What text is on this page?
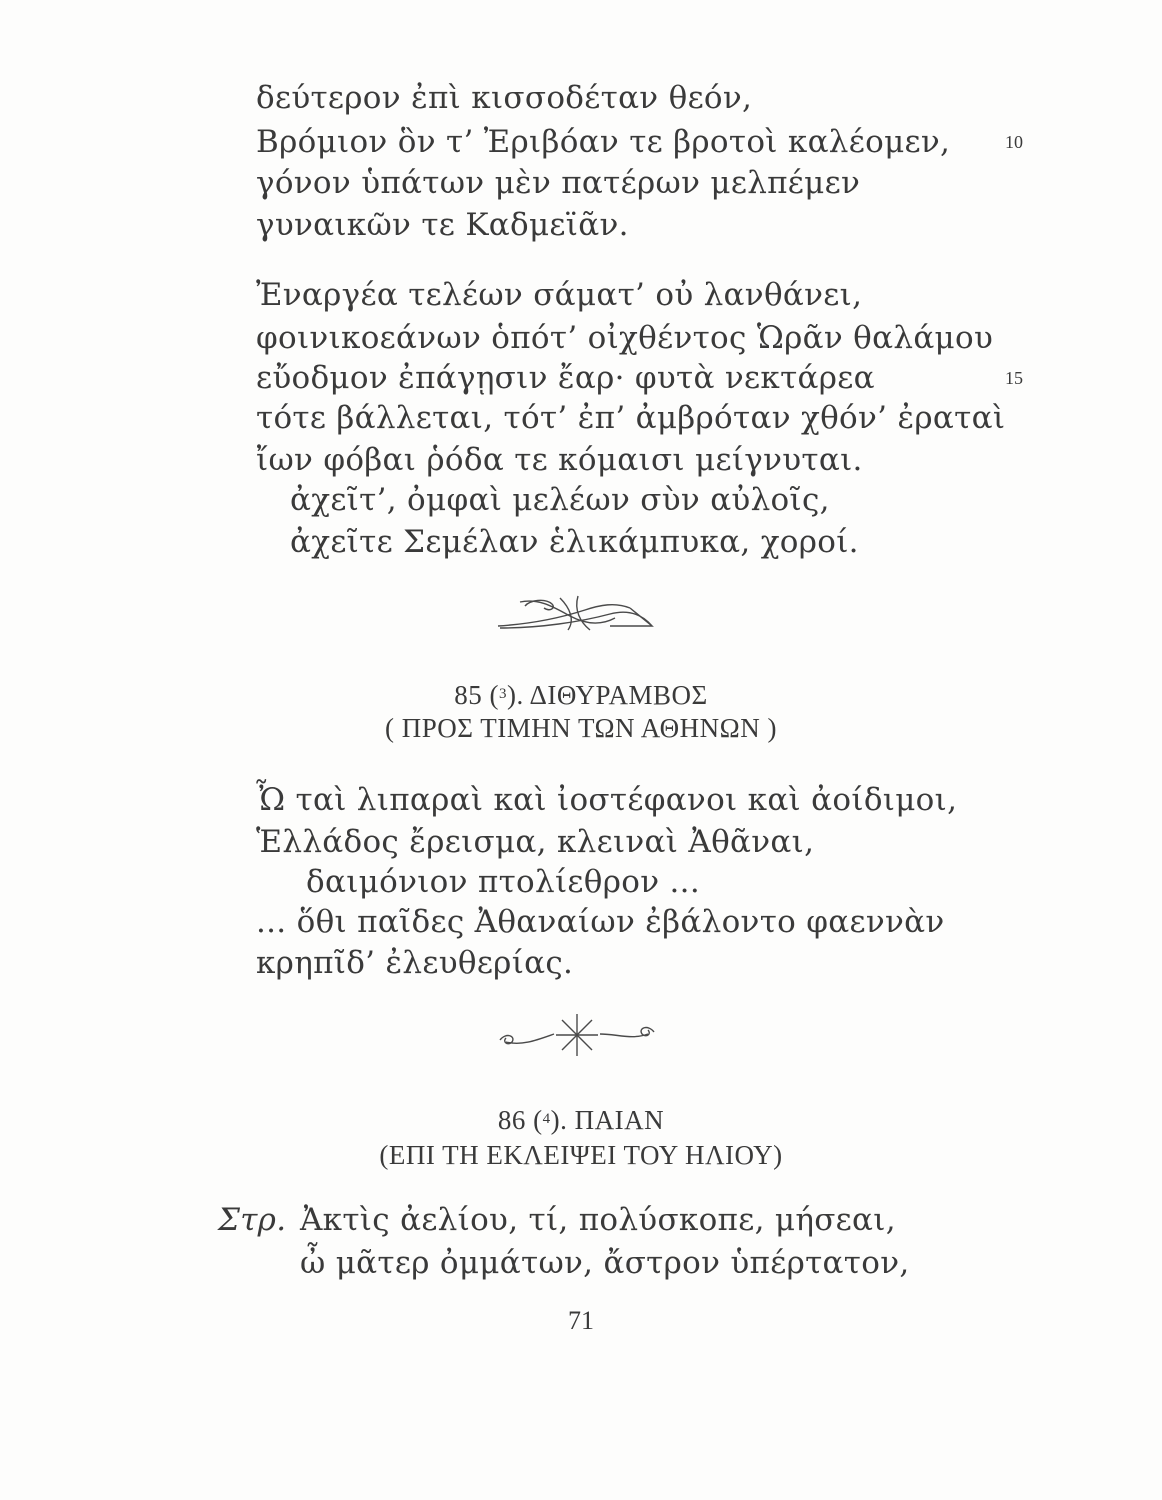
δεύτερον ἐπὶ κισσοδέταν θεόν,
Βρόμιον ὃν τ’ Ἐριβόαν τε βροτοὶ καλέομεν,	10
γόνον ὑπάτων μὲν πατέρων μελπέμεν
γυναικῶν τε Καδμεϊᾶν.
Ἐναργέα τελέων σάματ’ οὐ λανθάνει,
φοινικοεάνων ὁπότ’ οἰχθέντος Ὡρᾶν θαλάμου
εὔοδμον ἐπάγῃσιν ἔαρ· φυτὰ νεκτάρεα	15
τότε βάλλεται, τότ’ ἐπ’ ἀμβρόταν χθόν’ ἐραταὶ
ἴων φόβαι ῥόδα τε κόμαισι μείγνυται.
ἀχεῖτ’, ὀμφαὶ μελέων σὺν αὐλοῖς,
ἀχεῖτε Σεμέλαν ἑλικάμπυκα, χοροί.
85 ($^3$). ΔΙΘΥΡΑΜΒΟΣ
( ΠΡΟΣ ΤΙΜΗΝ ΤΩΝ ΑΘΗΝΩΝ )
Ὦ ταὶ λιπαραὶ καὶ ἰοστέφανοι καὶ ἀοίδιμοι,
Ἑλλάδος ἔρεισμα, κλειναὶ Ἀθᾶναι,
δαιμόνιον πτολίεθρον ...
... ὅθι παῖδες Ἀθαναίων ἐβάλοντο φαεννὰν
κρηπῖδ’ ἐλευθερίας.
86 ($^4$). ΠΑΙΑΝ
(ΕΠΙ ΤΗ ΕΚΛΕΙΨΕΙ ΤΟΥ ΗΛΙΟΥ)
Στρ. Ἀκτὶς ἀελίου, τί, πολύσκοπε, μήσεαι,
ὦ μᾶτερ ὀμμάτων, ἄστρον ὑπέρτατον,
71
